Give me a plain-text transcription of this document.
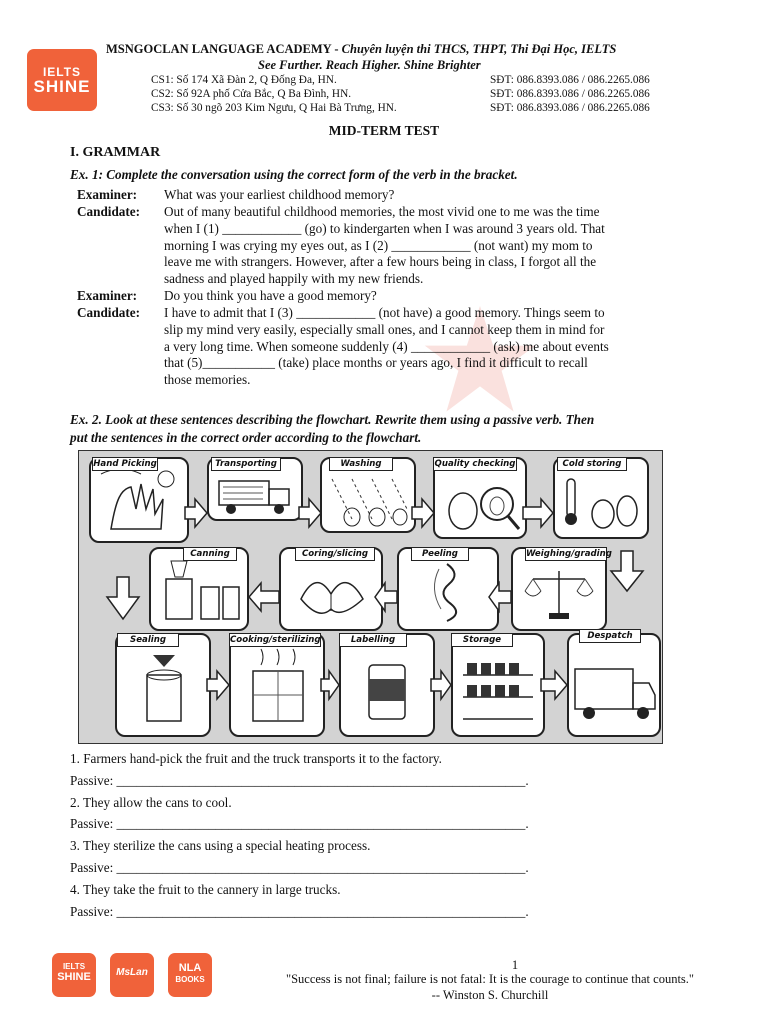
IELTS
SHINE
MSNGOCLAN LANGUAGE ACADEMY - Chuyên luyện thi THCS, THPT, Thi Đại Học, IELTS
See Further. Reach Higher. Shine Brighter
CS1: Số 174 Xã Đàn 2, Q Đống Đa, HN.	SĐT: 086.8393.086 / 086.2265.086
CS2: Số 92A phố Cửa Bắc, Q Ba Đình, HN.	SĐT: 086.8393.086 / 086.2265.086
CS3: Số 30 ngõ 203 Kim Ngưu, Q Hai Bà Trưng, HN.	SĐT: 086.8393.086 / 086.2265.086
MID-TERM TEST
I. GRAMMAR
Ex. 1: Complete the conversation using the correct form of the verb in the bracket.
Examiner: What was your earliest childhood memory?
Candidate: Out of many beautiful childhood memories, the most vivid one to me was the time
when I (1) ____________ (go) to kindergarten when I was around 3 years old. That
morning I was crying my eyes out, as I (2) ____________ (not want) my mom to
leave me with strangers. However, after a few hours being in class, I forgot all the
sadness and played happily with my new friends.
Examiner: Do you think you have a good memory?
Candidate: I have to admit that I (3) ____________ (not have) a good memory. Things seem to
slip my mind very easily, especially small ones, and I cannot keep them in mind for
a very long time. When someone suddenly (4) ____________ (ask) me about events
that (5)___________ (take) place months or years ago, I find it difficult to recall
those memories.
Ex. 2. Look at these sentences describing the flowchart. Rewrite them using a passive verb. Then
put the sentences in the correct order according to the flowchart.
Hand Picking	Transporting	Washing	Quality checking	Cold storing
Canning	Coring/slicing	Peeling	Weighing/grading
Sealing	Cooking/sterilizing	Labelling	Storage	Despatch
1. Farmers hand-pick the fruit and the truck transports it to the factory.
Passive: ______________________________________________________________.
2. They allow the cans to cool.
Passive: ______________________________________________________________.
3. They sterilize the cans using a special heating process.
Passive: ______________________________________________________________.
4. They take the fruit to the cannery in large trucks.
Passive: ______________________________________________________________.
IELTS
SHINE	MsLan	NLA
BOOKS
1
"Success is not final; failure is not fatal: It is the courage to continue that counts."
-- Winston S. Churchill
